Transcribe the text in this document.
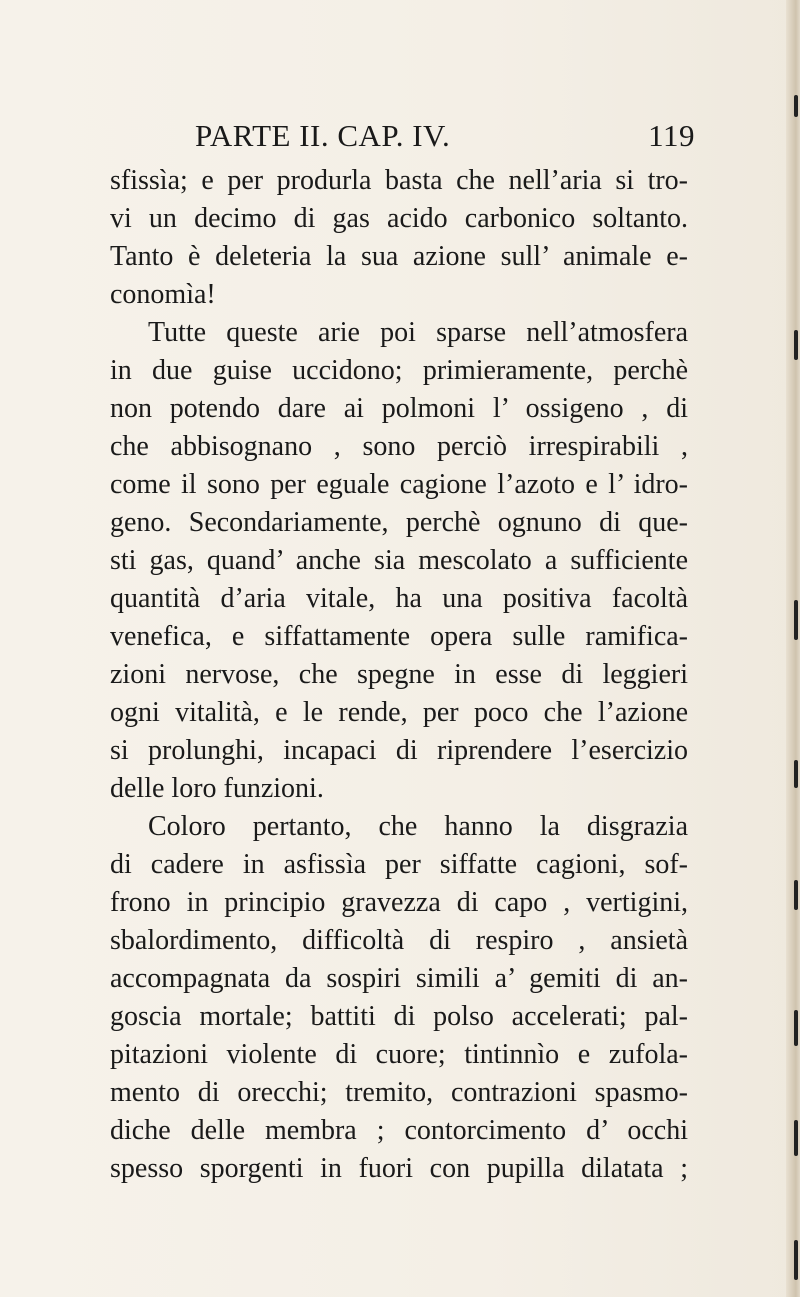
PARTE II. CAP. IV.	119
sfissìa; e per produrla basta che nell’aria si tro-
vi un decimo di gas acido carbonico soltanto.
Tanto è deleteria la sua azione sull’ animale e-
conomìa!
Tutte queste arie poi sparse nell’atmosfera
in due guise uccidono; primieramente, perchè
non potendo dare ai polmoni l’ ossigeno , di
che abbisognano , sono perciò irrespirabili ,
come il sono per eguale cagione l’azoto e l’ idro-
geno. Secondariamente, perchè ognuno di que-
sti gas, quand’ anche sia mescolato a sufficiente
quantità d’aria vitale, ha una positiva facoltà
venefica, e siffattamente opera sulle ramifica-
zioni nervose, che spegne in esse di leggieri
ogni vitalità, e le rende, per poco che l’azione
si prolunghi, incapaci di riprendere l’esercizio
delle loro funzioni.
Coloro pertanto, che hanno la disgrazia
di cadere in asfissìa per siffatte cagioni, sof-
frono in principio gravezza di capo , vertigini,
sbalordimento, difficoltà di respiro , ansietà
accompagnata da sospiri simili a’ gemiti di an-
goscia mortale; battiti di polso accelerati; pal-
pitazioni violente di cuore; tintinnìo e zufola-
mento di orecchi; tremito, contrazioni spasmo-
diche delle membra ; contorcimento d’ occhi
spesso sporgenti in fuori con pupilla dilatata ;
